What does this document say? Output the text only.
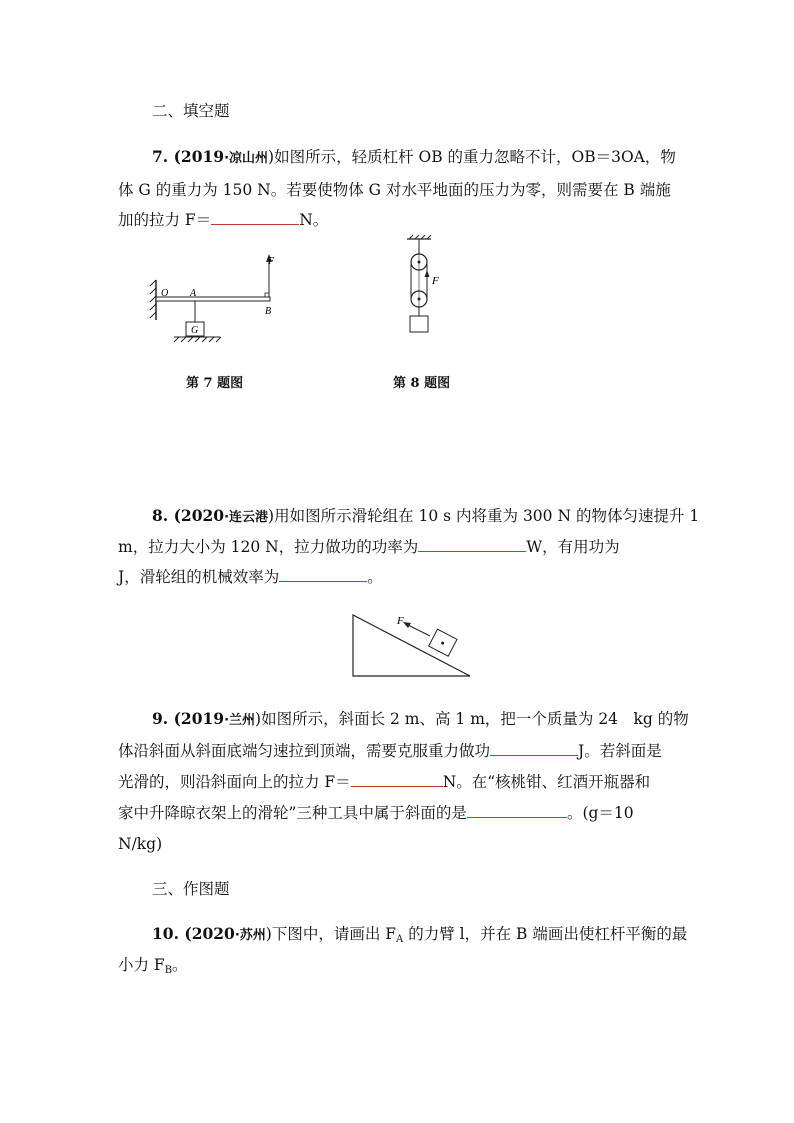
二、填空题
7. (2019·凉山州)如图所示，轻质杠杆 OB 的重力忽略不计，OB＝3OA，物
体 G 的重力为 150 N。若要使物体 G 对水平地面的压力为零，则需要在 B 端施
加的拉力 F＝	N。
G
F
O A
B
F
第 7 题图	第 8 题图
8. (2020·连云港)用如图所示滑轮组在 10 s 内将重为 300 N 的物体匀速提升 1
m，拉力大小为 120 N，拉力做功的功率为	W，有用功为
J，滑轮组的机械效率为	。
F
9. (2019·兰州)如图所示，斜面长 2 m、高 1 m，把一个质量为 24　kg 的物
体沿斜面从斜面底端匀速拉到顶端，需要克服重力做功	J。若斜面是
光滑的，则沿斜面向上的拉力 F＝	N。在“核桃钳、红酒开瓶器和
家中升降晾衣架上的滑轮”三种工具中属于斜面的是	。(g＝10
N/kg)
三、作图题
10. (2020·苏州)下图中，请画出 $F_A$ 的力臂 l，并在 B 端画出使杠杆平衡的最
小力 $F_B$。
